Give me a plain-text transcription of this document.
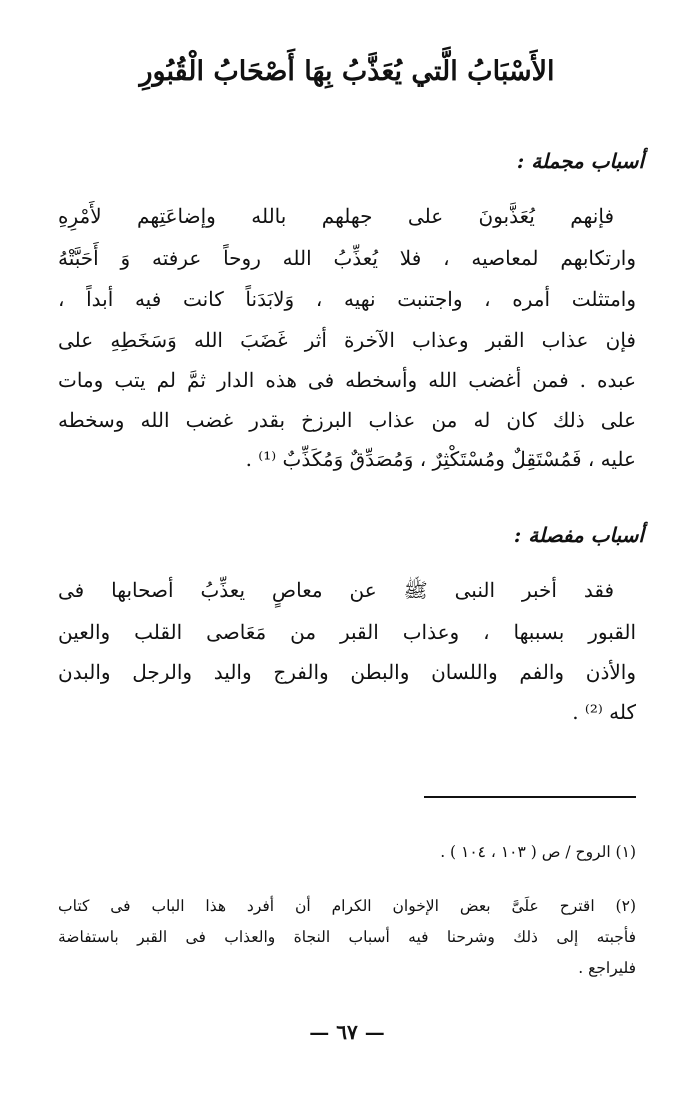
الأَسْبَابُ الَّتي يُعَذَّبُ بِهَا أَصْحَابُ الْقُبُورِ
أسباب مجملة :
فإنهم يُعَذَّبونَ على جهلهم بالله وإضاعَتِهم لأَمْرِهِ
وارتكابهم لمعاصيه ، فلا يُعذِّبُ الله روحاً عرفته وَ أَحَبَّتْهُ
وامتثلت أمره ، واجتنبت نهيه ، وَلابَدَناً كانت فيه أبداً ،
فإن عذاب القبر وعذاب الآخرة أثر غَضَبَ الله وَسَخَطِهِ على
عبده . فمن أغضب الله وأسخطه فى هذه الدار ثمَّ لم يتب ومات
على ذلك كان له من عذاب البرزخ بقدر غضب الله وسخطه
عليه ، فَمُسْتَقِلٌ ومُسْتَكْثِرٌ ، وَمُصَدِّقٌ وَمُكَذِّبٌ ⁽¹⁾ .
أسباب مفصلة :
فقد أخبر النبى ﷺ عن معاصٍ يعذِّبُ أصحابها فى
القبور بسببها ، وعذاب القبر من مَعَاصى القلب والعين
والأذن والفم واللسان والبطن والفرج واليد والرجل والبدن
كله ⁽²⁾ .
(١) الروح / ص ( ١٠٣ ، ١٠٤ ) .
(٢) اقترح علَىَّ بعض الإخوان الكرام أن أفرد هذا الباب فى كتاب
فأجبته إلى ذلك وشرحنا فيه أسباب النجاة والعذاب فى القبر باستفاضة
فليراجع .
— ٦٧ —
